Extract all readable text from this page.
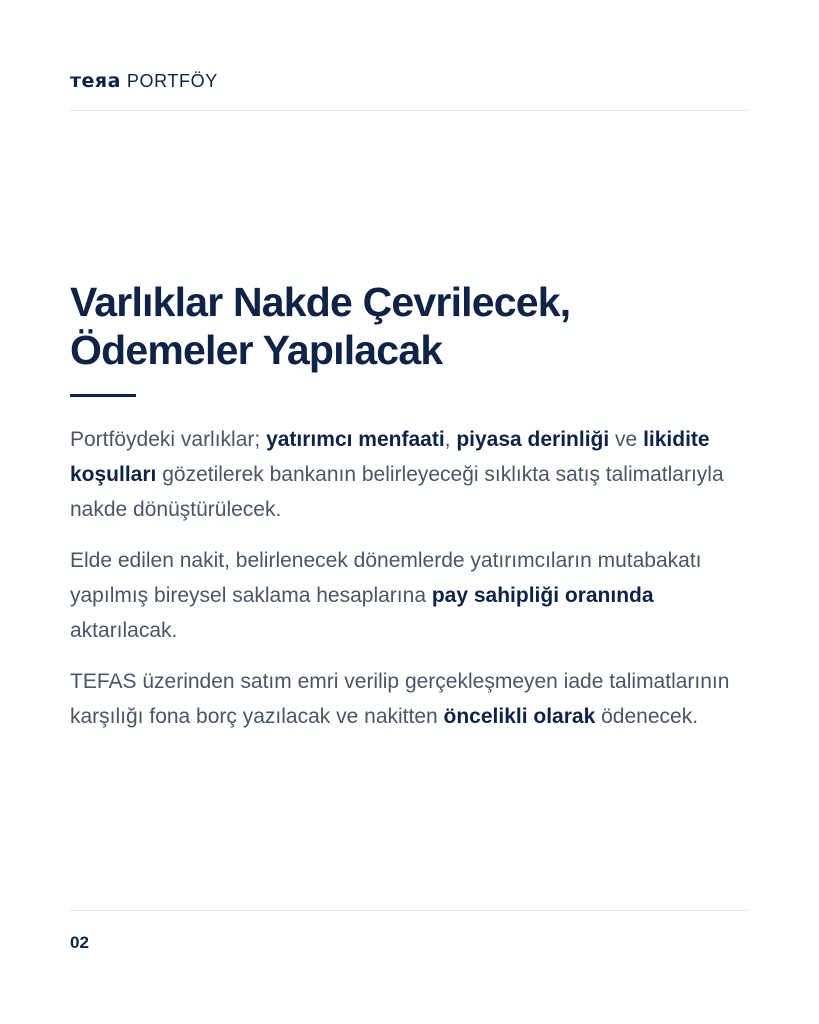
тeяa PORTFÖY
Varlıklar Nakde Çevrilecek,
Ödemeler Yapılacak

Portföydeki varlıklar; yatırımcı menfaati, piyasa derinliği ve likidite koşulları gözetilerek bankanın belirleyeceği sıklıkta satış talimatlarıyla nakde dönüştürülecek.

Elde edilen nakit, belirlenecek dönemlerde yatırımcıların mutabakatı yapılmış bireysel saklama hesaplarına pay sahipliği oranında aktarılacak.

TEFAS üzerinden satım emri verilip gerçekleşmeyen iade talimatlarının karşılığı fona borç yazılacak ve nakitten öncelikli olarak ödenecek.

02
